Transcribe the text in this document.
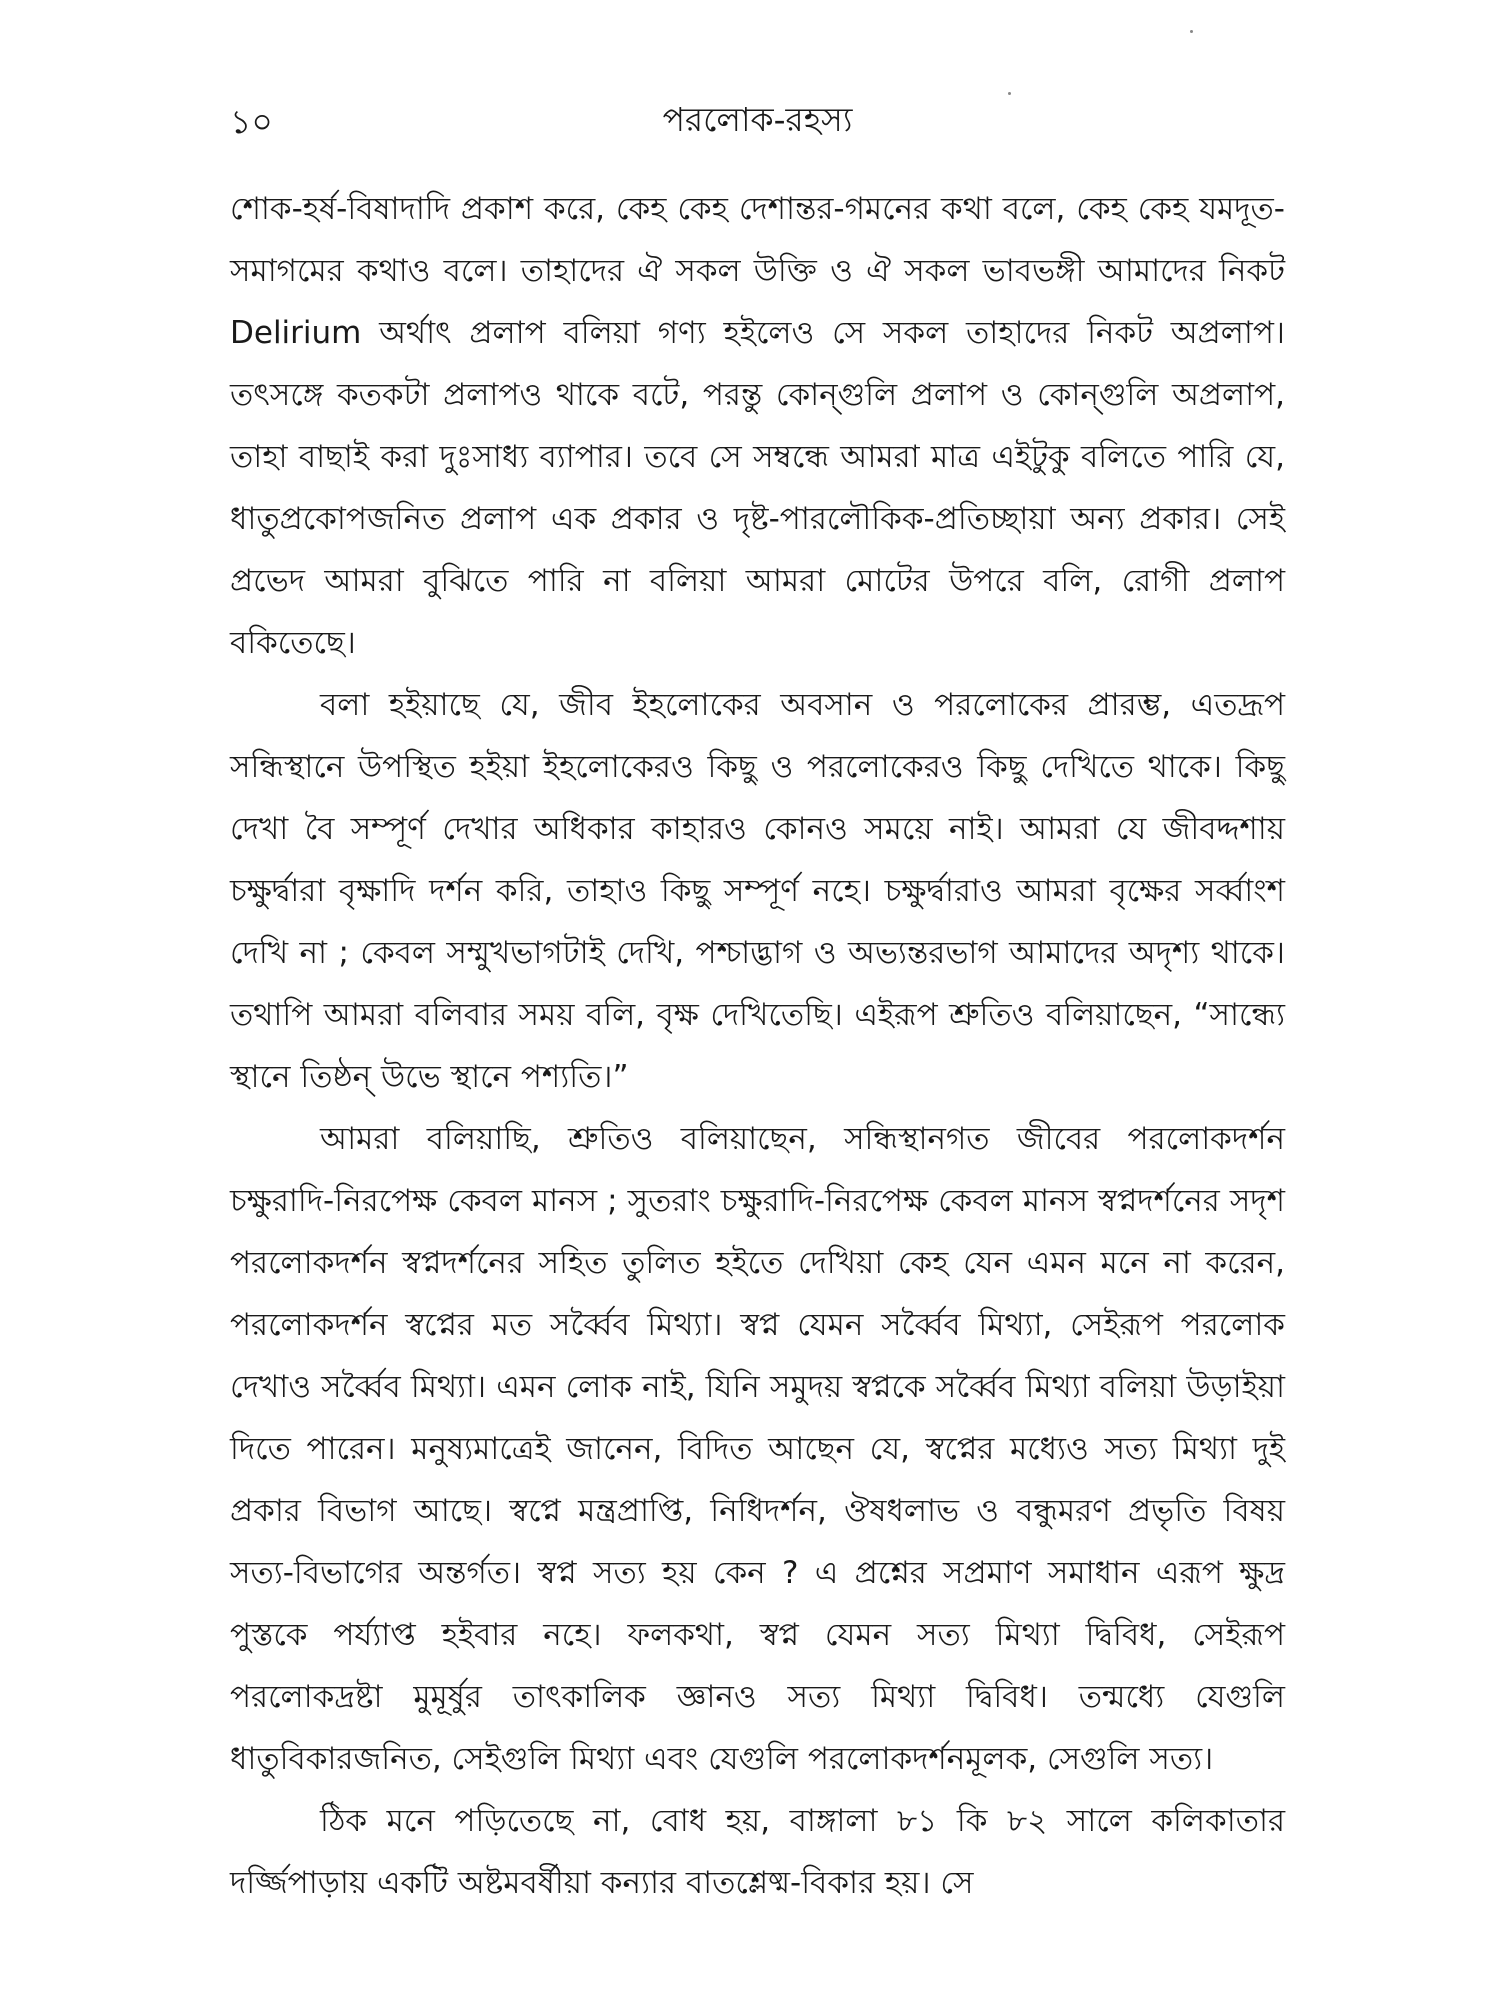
১০	পরলোক-রহস্য

শোক-হর্ষ-বিষাদাদি প্রকাশ করে, কেহ কেহ দেশান্তর-গমনের কথা বলে, কেহ কেহ যমদূত-সমাগমের কথাও বলে। তাহাদের ঐ সকল উক্তি ও ঐ সকল ভাবভঙ্গী আমাদের নিকট Delirium অর্থাৎ প্রলাপ বলিয়া গণ্য হইলেও সে সকল তাহাদের নিকট অপ্রলাপ। তৎসঙ্গে কতকটা প্রলাপও থাকে বটে, পরন্তু কোন্‌গুলি প্রলাপ ও কোন্‌গুলি অপ্রলাপ, তাহা বাছাই করা দুঃসাধ্য ব্যাপার। তবে সে সম্বন্ধে আমরা মাত্র এইটুকু বলিতে পারি যে, ধাতুপ্রকোপজনিত প্রলাপ এক প্রকার ও দৃষ্ট-পারলৌকিক-প্রতিচ্ছায়া অন্য প্রকার। সেই প্রভেদ আমরা বুঝিতে পারি না বলিয়া আমরা মোটের উপরে বলি, রোগী প্রলাপ বকিতেছে।

বলা হইয়াছে যে, জীব ইহলোকের অবসান ও পরলোকের প্রারম্ভ, এতদ্রূপ সন্ধিস্থানে উপস্থিত হইয়া ইহলোকেরও কিছু ও পরলোকেরও কিছু দেখিতে থাকে। কিছু দেখা বৈ সম্পূর্ণ দেখার অধিকার কাহারও কোনও সময়ে নাই। আমরা যে জীবদ্দশায় চক্ষুর্দ্বারা বৃক্ষাদি দর্শন করি, তাহাও কিছু সম্পূর্ণ নহে। চক্ষুর্দ্বারাও আমরা বৃক্ষের সর্ব্বাংশ দেখি না ; কেবল সম্মুখভাগটাই দেখি, পশ্চাদ্ভাগ ও অভ্যন্তরভাগ আমাদের অদৃশ্য থাকে। তথাপি আমরা বলিবার সময় বলি, বৃক্ষ দেখিতেছি। এইরূপ শ্রুতিও বলিয়াছেন, “সান্ধ্যে স্থানে তিষ্ঠন্‌ উভে স্থানে পশ্যতি।”

আমরা বলিয়াছি, শ্রুতিও বলিয়াছেন, সন্ধিস্থানগত জীবের পরলোকদর্শন চক্ষুরাদি-নিরপেক্ষ কেবল মানস ; সুতরাং চক্ষুরাদি-নিরপেক্ষ কেবল মানস স্বপ্নদর্শনের সদৃশ পরলোকদর্শন স্বপ্নদর্শনের সহিত তুলিত হইতে দেখিয়া কেহ যেন এমন মনে না করেন, পরলোকদর্শন স্বপ্নের মত সর্ব্বৈব মিথ্যা। স্বপ্ন যেমন সর্ব্বৈব মিথ্যা, সেইরূপ পরলোক দেখাও সর্ব্বৈব মিথ্যা। এমন লোক নাই, যিনি সমুদয় স্বপ্নকে সর্ব্বৈব মিথ্যা বলিয়া উড়াইয়া দিতে পারেন। মনুষ্যমাত্রেই জানেন, বিদিত আছেন যে, স্বপ্নের মধ্যেও সত্য মিথ্যা দুই প্রকার বিভাগ আছে। স্বপ্নে মন্ত্রপ্রাপ্তি, নিধিদর্শন, ঔষধলাভ ও বন্ধুমরণ প্রভৃতি বিষয় সত্য-বিভাগের অন্তর্গত। স্বপ্ন সত্য হয় কেন ? এ প্রশ্নের সপ্রমাণ সমাধান এরূপ ক্ষুদ্র পুস্তকে পর্য্যাপ্ত হইবার নহে। ফলকথা, স্বপ্ন যেমন সত্য মিথ্যা দ্বিবিধ, সেইরূপ পরলোকদ্রষ্টা মুমূর্ষুর তাৎকালিক জ্ঞানও সত্য মিথ্যা দ্বিবিধ। তন্মধ্যে যেগুলি ধাতুবিকারজনিত, সেইগুলি মিথ্যা এবং যেগুলি পরলোকদর্শনমূলক, সেগুলি সত্য।

ঠিক মনে পড়িতেছে না, বোধ হয়, বাঙ্গালা ৮১ কি ৮২ সালে কলিকাতার দর্জ্জিপাড়ায় একটি অষ্টমবর্ষীয়া কন্যার বাতশ্লেষ্ম-বিকার হয়। সে
